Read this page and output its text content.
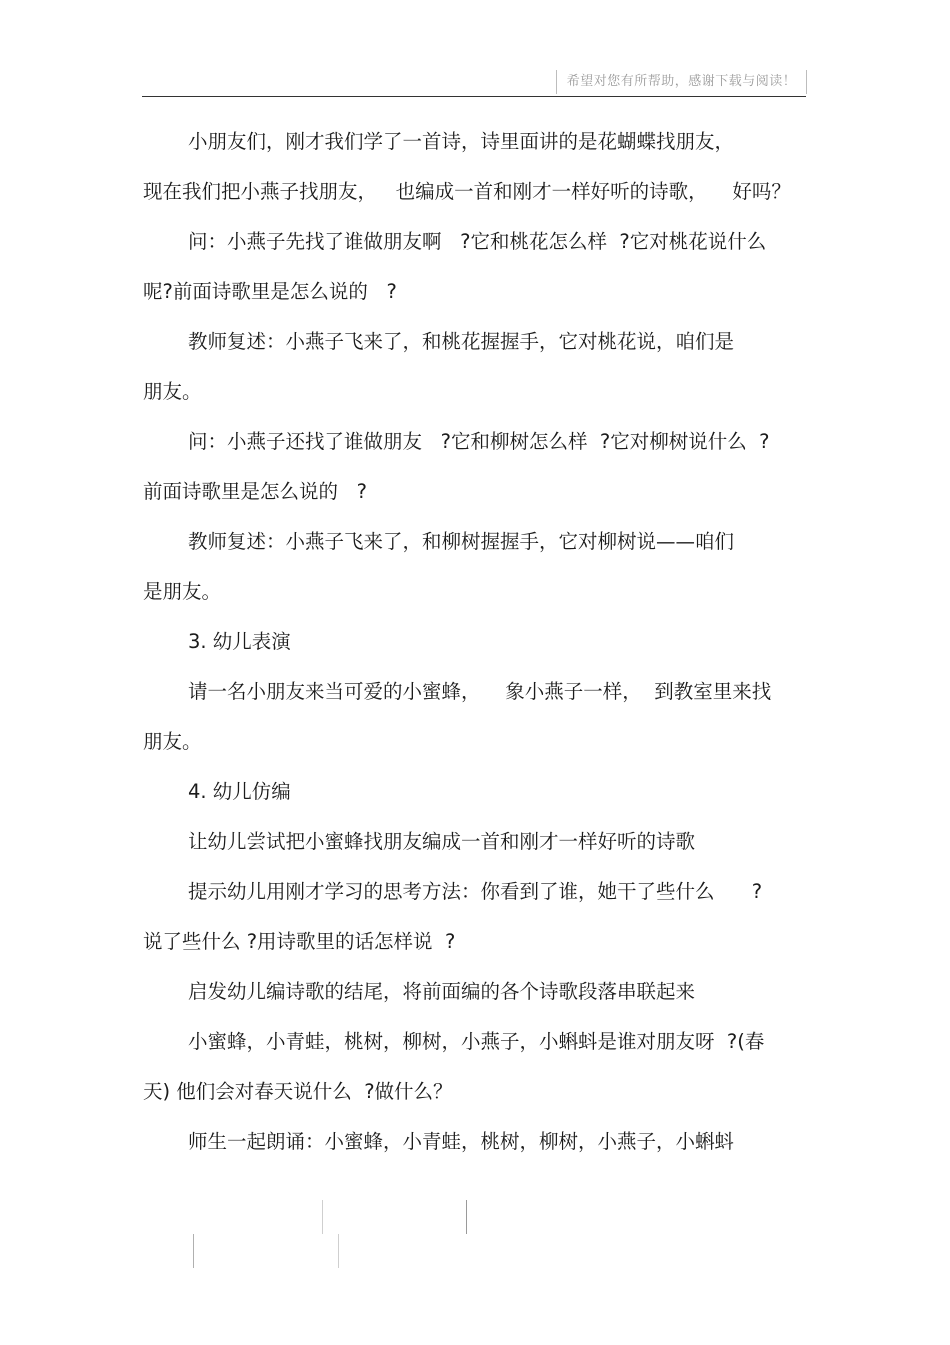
希望对您有所帮助，感谢下载与阅读！
小朋友们，刚才我们学了一首诗，诗里面讲的是花蝴蝶找朋友，
现在我们把小燕子找朋友，   也编成一首和刚才一样好听的诗歌，    好吗？
问：小燕子先找了谁做朋友啊   ?它和桃花怎么样  ?它对桃花说什么
呢?前面诗歌里是怎么说的   ?
教师复述：小燕子飞来了，和桃花握握手，它对桃花说，咱们是
朋友。
问：小燕子还找了谁做朋友   ?它和柳树怎么样  ?它对柳树说什么  ?
前面诗歌里是怎么说的   ?
教师复述：小燕子飞来了，和柳树握握手，它对柳树说——咱们
是朋友。
3. 幼儿表演
请一名小朋友来当可爱的小蜜蜂，    象小燕子一样，  到教室里来找
朋友。
4. 幼儿仿编
让幼儿尝试把小蜜蜂找朋友编成一首和刚才一样好听的诗歌
提示幼儿用刚才学习的思考方法：你看到了谁，她干了些什么      ?
说了些什么 ?用诗歌里的话怎样说  ?
启发幼儿编诗歌的结尾，将前面编的各个诗歌段落串联起来
小蜜蜂，小青蛙，桃树，柳树，小燕子，小蝌蚪是谁对朋友呀  ?(春
天) 他们会对春天说什么  ?做什么？
师生一起朗诵：小蜜蜂，小青蛙，桃树，柳树，小燕子，小蝌蚪
